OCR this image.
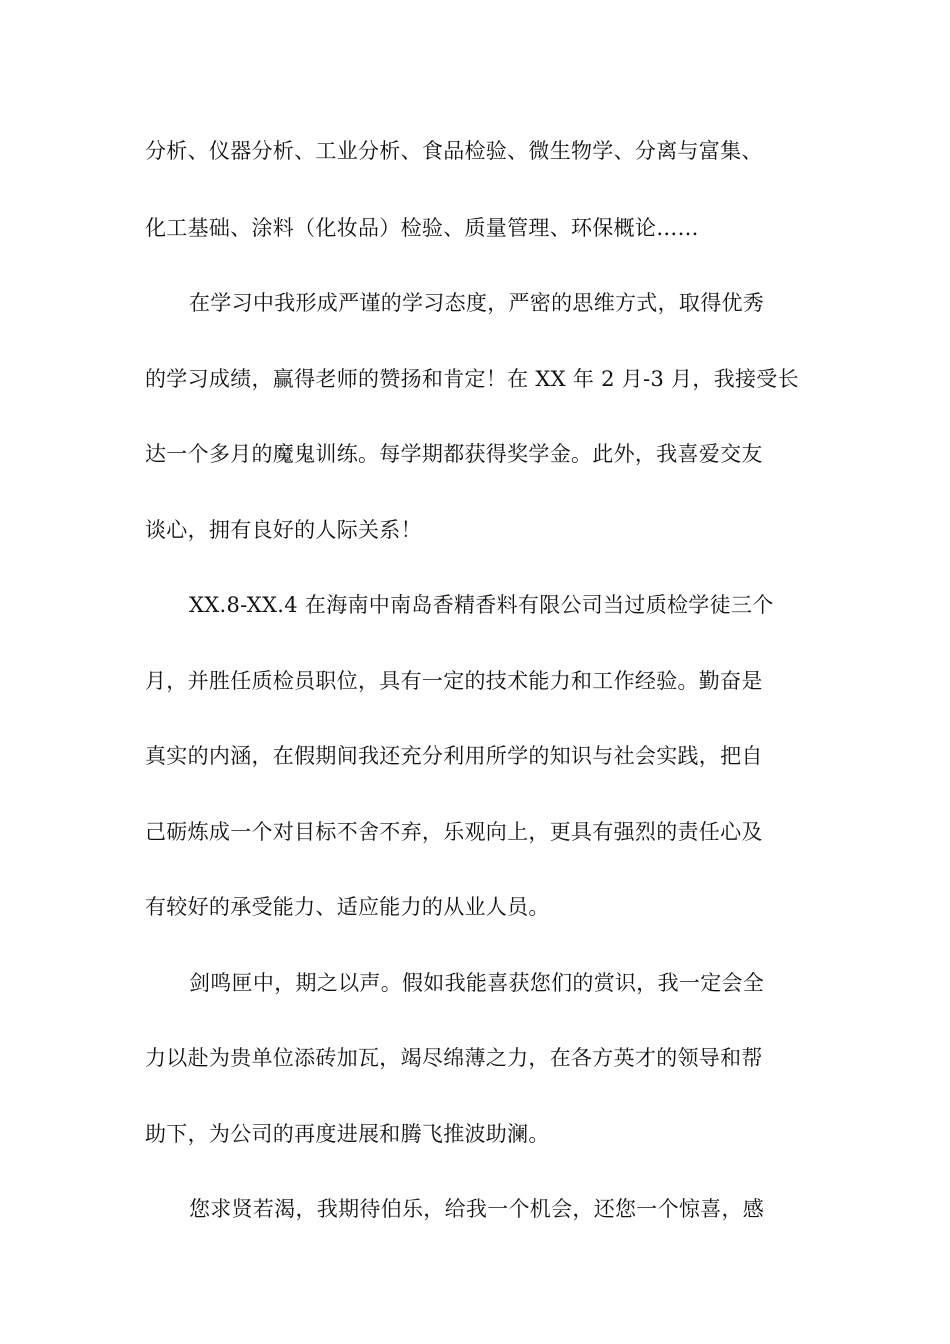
分析、仪器分析、工业分析、食品检验、微生物学、分离与富集、

化工基础、涂料（化妆品）检验、质量管理、环保概论……

在学习中我形成严谨的学习态度，严密的思维方式，取得优秀

的学习成绩，赢得老师的赞扬和肯定！在 XX 年 2 月-3 月，我接受长

达一个多月的魔鬼训练。每学期都获得奖学金。此外，我喜爱交友

谈心，拥有良好的人际关系！

XX.8-XX.4 在海南中南岛香精香料有限公司当过质检学徒三个

月，并胜任质检员职位，具有一定的技术能力和工作经验。勤奋是

真实的内涵，在假期间我还充分利用所学的知识与社会实践，把自

己砺炼成一个对目标不舍不弃，乐观向上，更具有强烈的责任心及

有较好的承受能力、适应能力的从业人员。

剑鸣匣中，期之以声。假如我能喜获您们的赏识，我一定会全

力以赴为贵单位添砖加瓦，竭尽绵薄之力，在各方英才的领导和帮

助下，为公司的再度进展和腾飞推波助澜。

您求贤若渴，我期待伯乐，给我一个机会，还您一个惊喜，感
